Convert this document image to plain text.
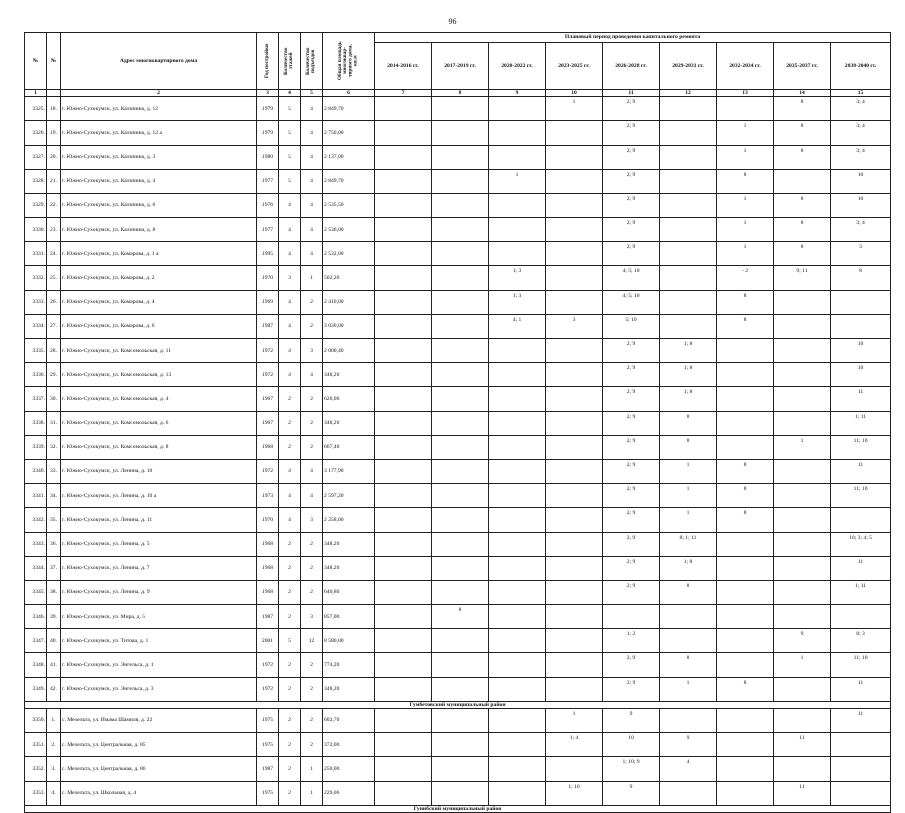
96
№	№	Адрес многоквартирного дома	Год постройки	Количество этажей	Количество подъездов	Общая площадь многоквар-тирного дома, кв.м	Плановый период проведения капитального ремонта								
							2014-2016 гг.	2017-2019 гг.	2020-2022 гг.	2023-2025 гг.	2026-2028 гг.	2029-2031 гг.	2032-2034 гг.	2035-2037 гг.	2038-2040 гг.
1		2	3	4	5	6	7	8	9	10	11	12	13	14	15
3325.	18.	г. Южно-Сухокумск, ул. Калинина, д. 12	1979	5	4	2 849,70				1	2; 9			8	3; 4
3326.	19.	г. Южно-Сухокумск, ул. Калинина, д. 12 а	1979	5	4	2 750,00					2; 9		1	8	3; 4
3327.	20.	г. Южно-Сухокумск, ул. Калинина, д. 3	1980	5	4	2 137,00					2; 9		1	8	3; 4
3328.	21.	г. Южно-Сухокумск, ул. Калинина, д. 4	1977	5	4	2 849,70			1		2; 9		8		10
3329.	22.	г. Южно-Сухокумск, ул. Калинина, д. 6	1976	4	4	2 535,50					2; 9		1	8	10
3330.	23.	г. Южно-Сухокумск, ул. Калинина, д. 8	1977	4	4	2 536,00					2; 9		1	8	3; 4
3331.	24.	г. Южно-Сухокумск, ул. Комарова, д. 1 а	1995	4	4	2 532,00					2; 9		1	8	3
3332.	25.	г. Южно-Сухокумск, ул. Комарова, д. 2	1970	3	1	502,20			1; 3		4; 5; 10		- 2	9; 11	8
3333.	26.	г. Южно-Сухокумск, ул. Комарова, д. 4	1969	4	2	2 410,00			1; 3		4; 5; 10		8		
3334.	27.	г. Южно-Сухокумск, ул. Комарова, д. 6	1987	4	2	3 030,00			4; 1	3	5; 10		8		
3335.	28.	г. Южно-Сухокумск, ул. Комсомольская, д. 11	1972	4	3	2 000,40					2; 9	1; 8			10
3336.	29.	г. Южно-Сухокумск, ул. Комсомольская, д. 13	1972	4	4	348,20					2; 9	1; 8			10
3337.	30.	г. Южно-Сухокумск, ул. Комсомольская, д. 4	1967	2	2	626,00					2; 9	1; 8			11
3338.	31.	г. Южно-Сухокумск, ул. Комсомольская, д. 6	1967	2	2	348,20					2; 9	8			1; 11
3339.	32.	г. Южно-Сухокумск, ул. Комсомольская, д. 8	1968	2	2	667,40					2; 9	8		1	11; 10
3340.	33.	г. Южно-Сухокумск, ул. Ленина, д. 10	1972	4	4	3 177,90					2; 9	1	8		11
3341.	34.	г. Южно-Сухокумск, ул. Ленина, д. 10 а	1973	4	4	2 597,20					2; 9	1	8		11; 10
3342.	35.	г. Южно-Сухокумск, ул. Ленина, д. 11	1970	4	3	2 258,00					2; 9	1	8		
3343.	36.	г. Южно-Сухокумск, ул. Ленина, д. 5	1968	2	2	348,20					2, 9	8; 1; 11			10; 3; 4; 5
3344.	37.	г. Южно-Сухокумск, ул. Ленина, д. 7	1968	2	2	348,20					2; 9	1; 8			11
3345.	38.	г. Южно-Сухокумск, ул. Ленина, д. 9	1968	2	2	640,80					2; 9	8			1; 11
3346.	39.	г. Южно-Сухокумск, ул. Мира, д. 5	1987	2	3	857,00		8							
3347.	40.	г. Южно-Сухокумск, ул. Титова, д. 1	2001	5	12	8 580,00					1; 2			9	8; 3
3348.	41.	г. Южно-Сухокумск, ул. Энгельса, д. 1	1972	2	2	774,20					2, 9	8		1	11; 10
3349.	42.	г. Южно-Сухокумск, ул. Энгельса, д. 3	1972	2	2	348,20					2; 9	1	8		11
Гумбетовский муниципальный район															
3350.	1.	с. Мехельта, ул. Имама Шамиля, д. 22	1975	2	2	602,70				1	9				11
3351.	2.	с. Мехельта, ул. Центральная, д. 85	1975	2	2	372,00				1; 4	10	9		11	
3352.	3.	с. Мехельта, ул. Центральная, д. 86	1987	2	1	250,00					1; 10; 9	4			
3353.	4.	с. Мехельта, ул. Школьная, д. 4	1975	2	1	229,06				1; 10	9			11	
Гунибский муниципальный район															
